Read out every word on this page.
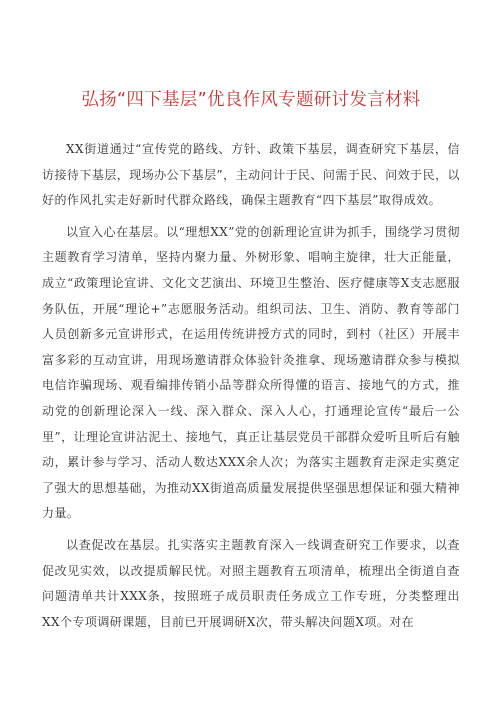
弘扬“四下基层”优良作风专题研讨发言材料

XX街道通过“宣传党的路线、方针、政策下基层，调查研究下基层，信访接待下基层，现场办公下基层”，主动问计于民、问需于民、问效于民，以好的作风扎实走好新时代群众路线，确保主题教育“四下基层”取得成效。

以宣入心在基层。以“理想XX”党的创新理论宣讲为抓手，围绕学习贯彻主题教育学习清单，坚持内聚力量、外树形象、唱响主旋律，壮大正能量，成立“政策理论宣讲、文化文艺演出、环境卫生整治、医疗健康等X支志愿服务队伍，开展“理论+”志愿服务活动。组织司法、卫生、消防、教育等部门人员创新多元宣讲形式，在运用传统讲授方式的同时，到村（社区）开展丰富多彩的互动宣讲，用现场邀请群众体验针灸推拿、现场邀请群众参与模拟电信诈骗现场、观看编排传销小品等群众所得懂的语言、接地气的方式，推动党的创新理论深入一线、深入群众、深入人心，打通理论宣传“最后一公里”，让理论宣讲沾泥土、接地气，真正让基层党员干部群众爱听且听后有触动，累计参与学习、活动人数达XXX余人次；为落实主题教育走深走实奠定了强大的思想基础，为推动XX街道高质量发展提供坚强思想保证和强大精神力量。

以查促改在基层。扎实落实主题教育深入一线调查研究工作要求，以查促改见实效，以改提质解民忧。对照主题教育五项清单，梳理出全街道自查问题清单共计XXX条，按照班子成员职责任务成立工作专班，分类整理出XX个专项调研课题，目前已开展调研X次，带头解决问题X项。对在
